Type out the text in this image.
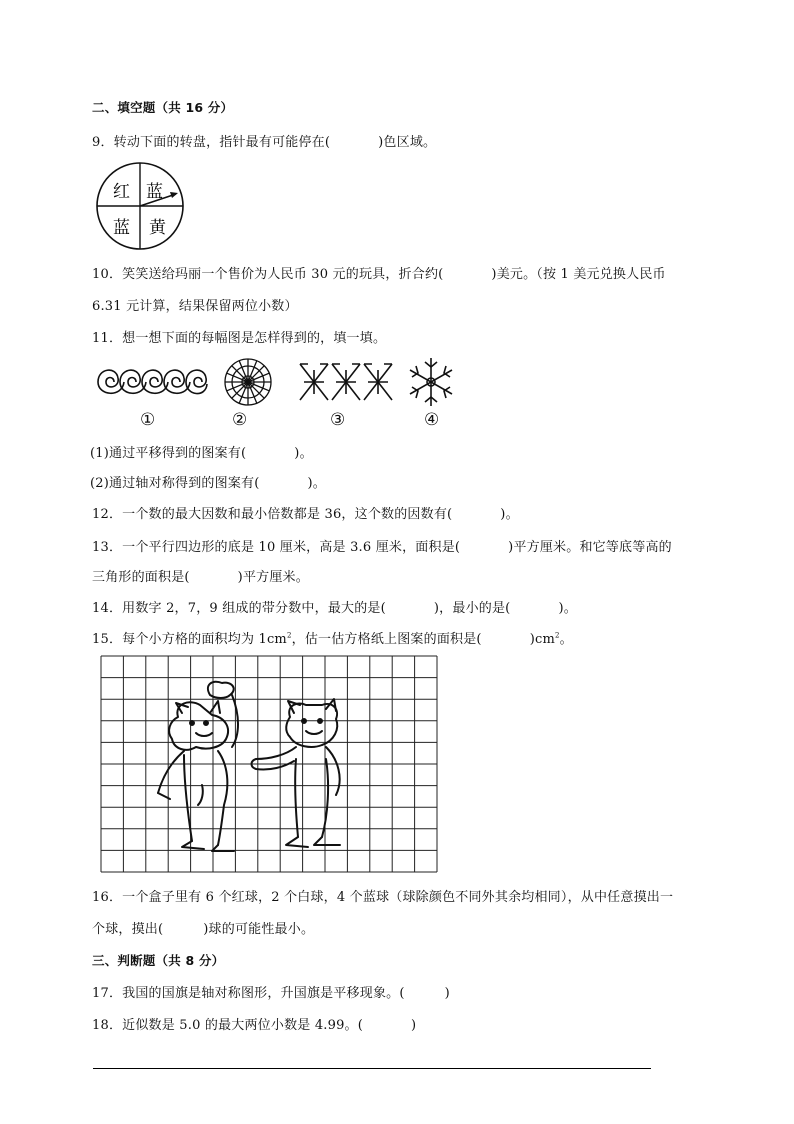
二、填空题（共 16 分）
9．转动下面的转盘，指针最有可能停在(	)色区域。
红 蓝
蓝 黄
10．笑笑送给玛丽一个售价为人民币 30 元的玩具，折合约(	)美元。（按 1 美元兑换人民币
6.31 元计算，结果保留两位小数）
11．想一想下面的每幅图是怎样得到的，填一填。
①	②	③	④
(1)通过平移得到的图案有(	)。
(2)通过轴对称得到的图案有(	)。
12．一个数的最大因数和最小倍数都是 36，这个数的因数有(	)。
13．一个平行四边形的底是 10 厘米，高是 3.6 厘米，面积是(	)平方厘米。和它等底等高的
三角形的面积是(	)平方厘米。
14．用数字 2，7，9 组成的带分数中，最大的是(	)，最小的是(	)。
15．每个小方格的面积均为 $1cm^2$，估一估方格纸上图案的面积是(	)$cm^2$。
16．一个盒子里有 6 个红球，2 个白球，4 个蓝球（球除颜色不同外其余均相同），从中任意摸出一
个球，摸出(	)球的可能性最小。
三、判断题（共 8 分）
17．我国的国旗是轴对称图形，升国旗是平移现象。(	)
18．近似数是 5.0 的最大两位小数是 4.99。(	)
